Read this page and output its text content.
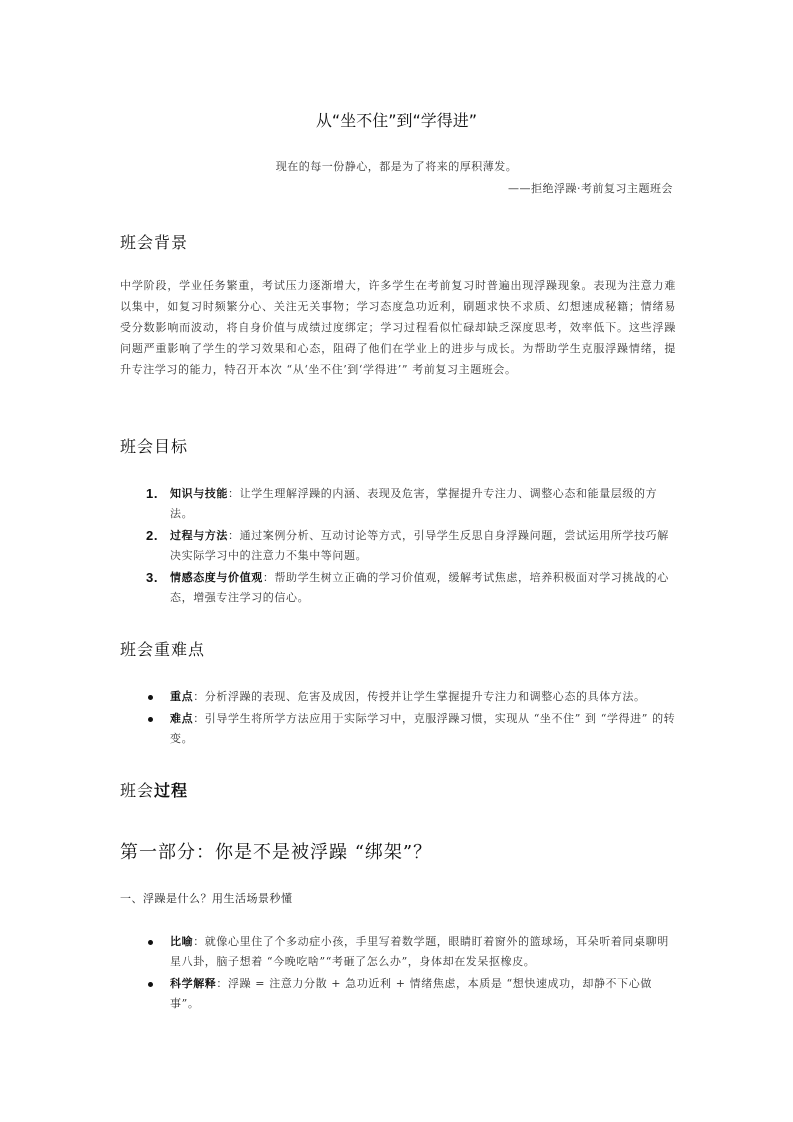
从“坐不住”到“学得进”
现在的每一份静心，都是为了将来的厚积薄发。
——拒绝浮躁·考前复习主题班会
班会背景
中学阶段，学业任务繁重，考试压力逐渐增大，许多学生在考前复习时普遍出现浮躁现象。表现为注意力难以集中，如复习时频繁分心、关注无关事物；学习态度急功近利，刷题求快不求质、幻想速成秘籍；情绪易受分数影响而波动，将自身价值与成绩过度绑定；学习过程看似忙碌却缺乏深度思考，效率低下。这些浮躁问题严重影响了学生的学习效果和心态，阻碍了他们在学业上的进步与成长。为帮助学生克服浮躁情绪，提升专注学习的能力，特召开本次 “从‘坐不住’到‘学得进’” 考前复习主题班会。
班会目标
1. 知识与技能：让学生理解浮躁的内涵、表现及危害，掌握提升专注力、调整心态和能量层级的方法。
2. 过程与方法：通过案例分析、互动讨论等方式，引导学生反思自身浮躁问题，尝试运用所学技巧解决实际学习中的注意力不集中等问题。
3. 情感态度与价值观：帮助学生树立正确的学习价值观，缓解考试焦虑，培养积极面对学习挑战的心态，增强专注学习的信心。
班会重难点
重点：分析浮躁的表现、危害及成因，传授并让学生掌握提升专注力和调整心态的具体方法。
难点：引导学生将所学方法应用于实际学习中，克服浮躁习惯，实现从 “坐不住” 到 “学得进” 的转变。
班会过程
第一部分：你是不是被浮躁 “绑架”？
一、浮躁是什么？用生活场景秒懂
比喻：就像心里住了个多动症小孩，手里写着数学题，眼睛盯着窗外的篮球场，耳朵听着同桌聊明星八卦，脑子想着 “今晚吃啥”“考砸了怎么办”，身体却在发呆抠橡皮。
科学解释：浮躁 = 注意力分散 + 急功近利 + 情绪焦虑，本质是 “想快速成功，却静不下心做事”。
